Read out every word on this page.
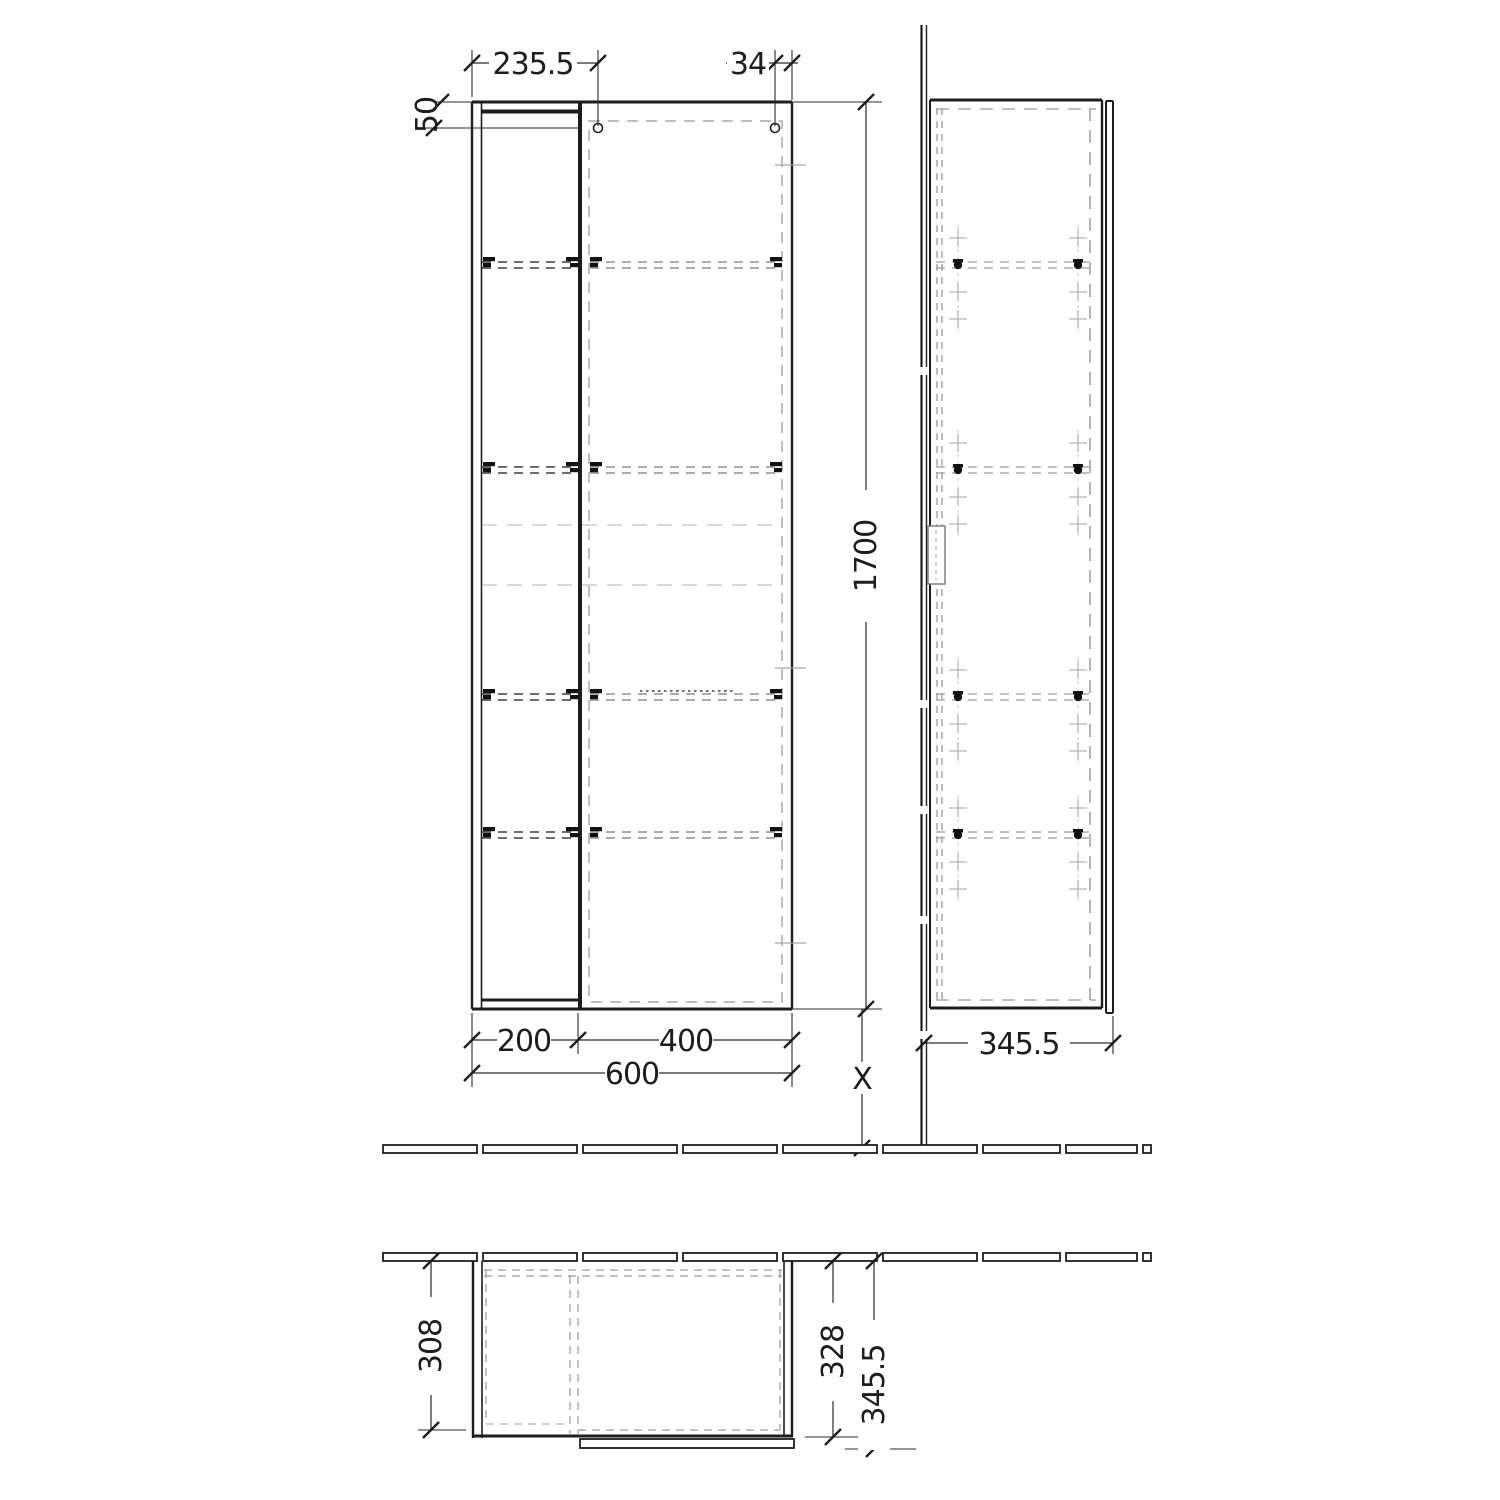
235.5	34
50
1700
200	400
600	X
345.5
308	328 345.5
